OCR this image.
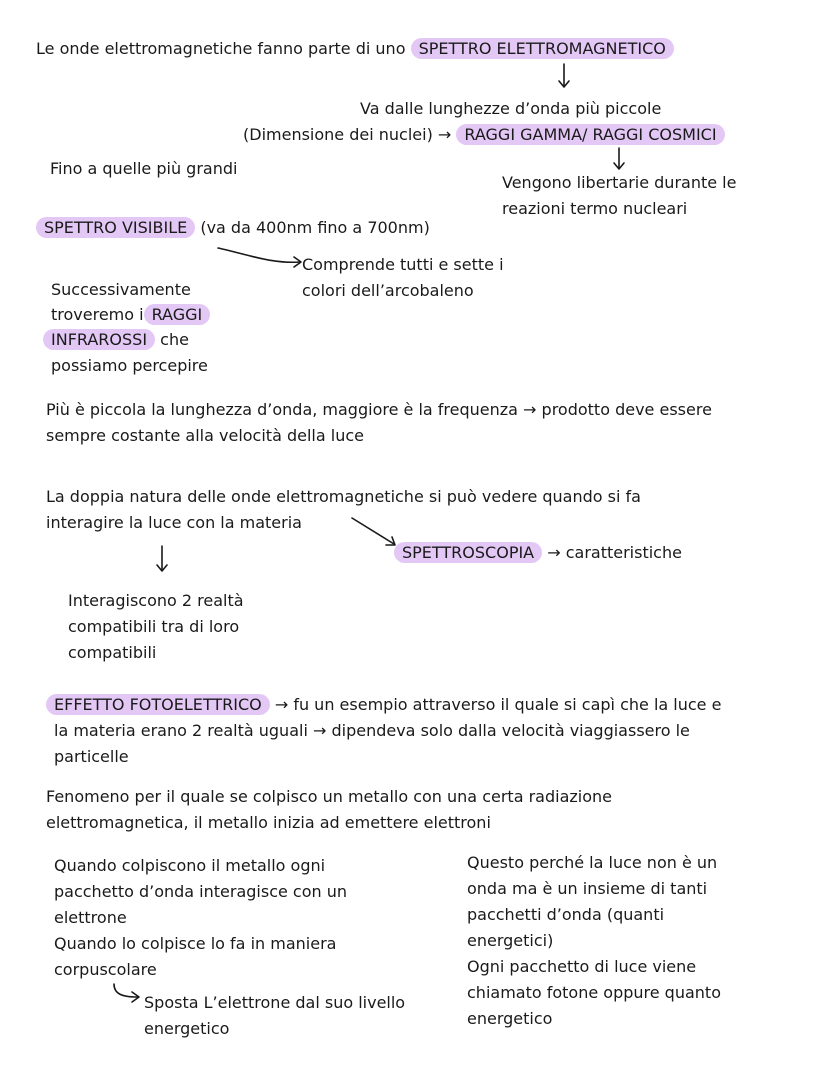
Le onde elettromagnetiche fanno parte di uno SPETTRO ELETTROMAGNETICO
Va dalle lunghezze d’onda più piccole
(Dimensione dei nuclei) → RAGGI GAMMA/ RAGGI COSMICI
Fino a quelle più grandi
Vengono libertarie durante le
reazioni termo nucleari
SPETTRO VISIBILE (va da 400nm fino a 700nm)
Comprende tutti e sette i
colori dell’arcobaleno
Successivamente
troveremo i RAGGI
INFRAROSSI che
possiamo percepire
Più è piccola la lunghezza d’onda, maggiore è la frequenza → prodotto deve essere
sempre costante alla velocità della luce
La doppia natura delle onde elettromagnetiche si può vedere quando si fa
interagire la luce con la materia
SPETTROSCOPIA → caratteristiche
Interagiscono 2 realtà
compatibili tra di loro
compatibili
EFFETTO FOTOELETTRICO → fu un esempio attraverso il quale si capì che la luce e
la materia erano 2 realtà uguali → dipendeva solo dalla velocità viaggiassero le
particelle
Fenomeno per il quale se colpisco un metallo con una certa radiazione
elettromagnetica, il metallo inizia ad emettere elettroni
Quando colpiscono il metallo ogni
pacchetto d’onda interagisce con un
elettrone
Quando lo colpisce lo fa in maniera
corpuscolare
Sposta L’elettrone dal suo livello
energetico
Questo perché la luce non è un
onda ma è un insieme di tanti
pacchetti d’onda (quanti
energetici)
Ogni pacchetto di luce viene
chiamato fotone oppure quanto
energetico
